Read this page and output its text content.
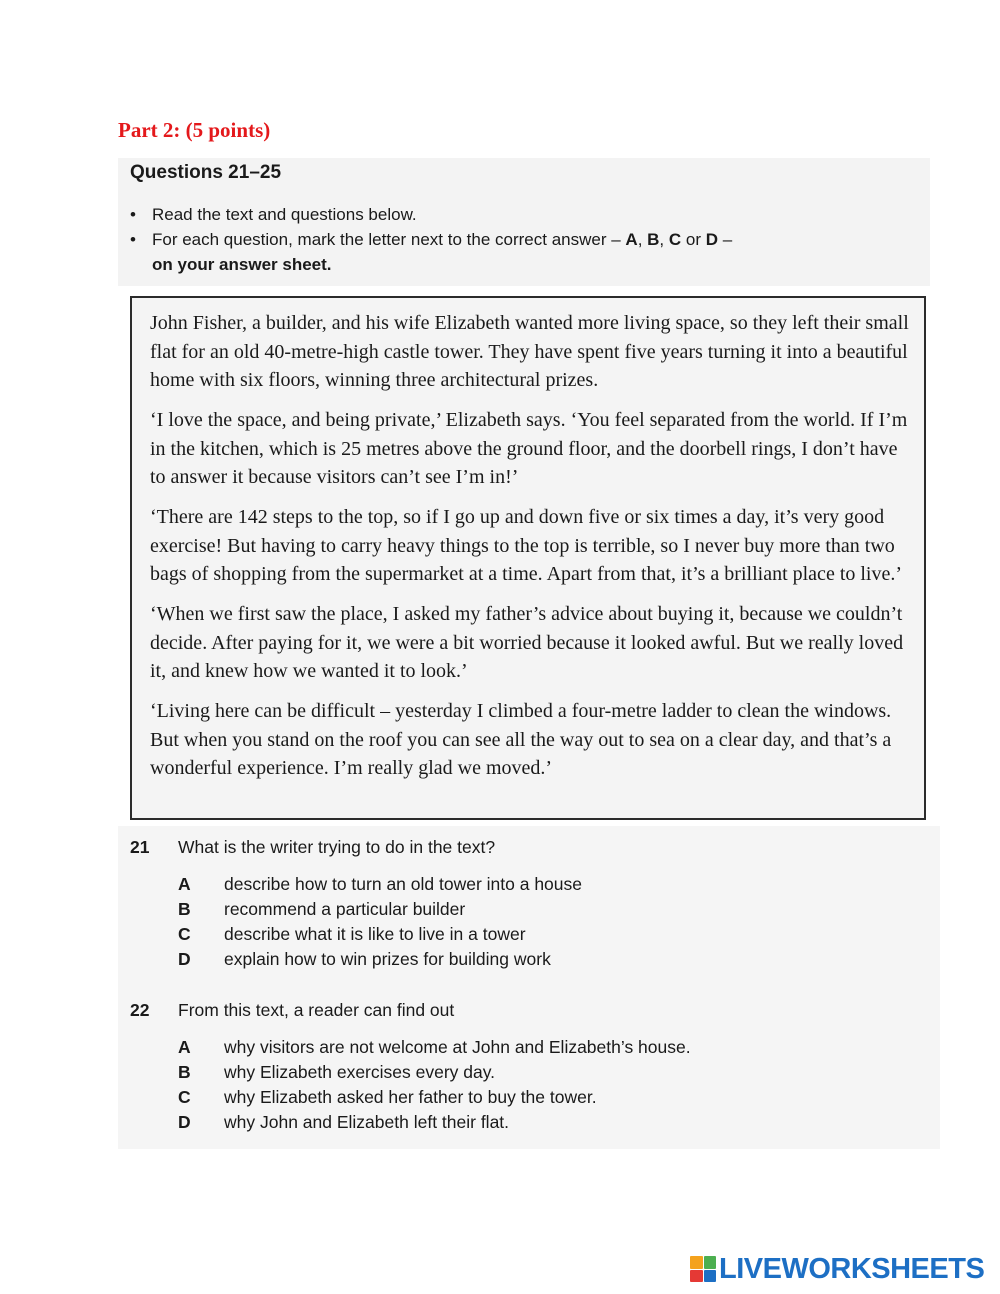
Part 2: (5 points)
Questions 21–25
• Read the text and questions below.
• For each question, mark the letter next to the correct answer – A, B, C or D –
on your answer sheet.

John Fisher, a builder, and his wife Elizabeth wanted more living space, so they left their small flat for an old 40-metre-high castle tower. They have spent five years turning it into a beautiful home with six floors, winning three architectural prizes.

‘I love the space, and being private,’ Elizabeth says. ‘You feel separated from the world. If I’m in the kitchen, which is 25 metres above the ground floor, and the doorbell rings, I don’t have to answer it because visitors can’t see I’m in!’

‘There are 142 steps to the top, so if I go up and down five or six times a day, it’s very good exercise! But having to carry heavy things to the top is terrible, so I never buy more than two bags of shopping from the supermarket at a time. Apart from that, it’s a brilliant place to live.’

‘When we first saw the place, I asked my father’s advice about buying it, because we couldn’t decide. After paying for it, we were a bit worried because it looked awful. But we really loved it, and knew how we wanted it to look.’

‘Living here can be difficult – yesterday I climbed a four-metre ladder to clean the windows. But when you stand on the roof you can see all the way out to sea on a clear day, and that’s a wonderful experience. I’m really glad we moved.’

21	What is the writer trying to do in the text?
A	describe how to turn an old tower into a house
B	recommend a particular builder
C	describe what it is like to live in a tower
D	explain how to win prizes for building work
22	From this text, a reader can find out
A	why visitors are not welcome at John and Elizabeth’s house.
B	why Elizabeth exercises every day.
C	why Elizabeth asked her father to buy the tower.
D	why John and Elizabeth left their flat.
LIVEWORKSHEETS
